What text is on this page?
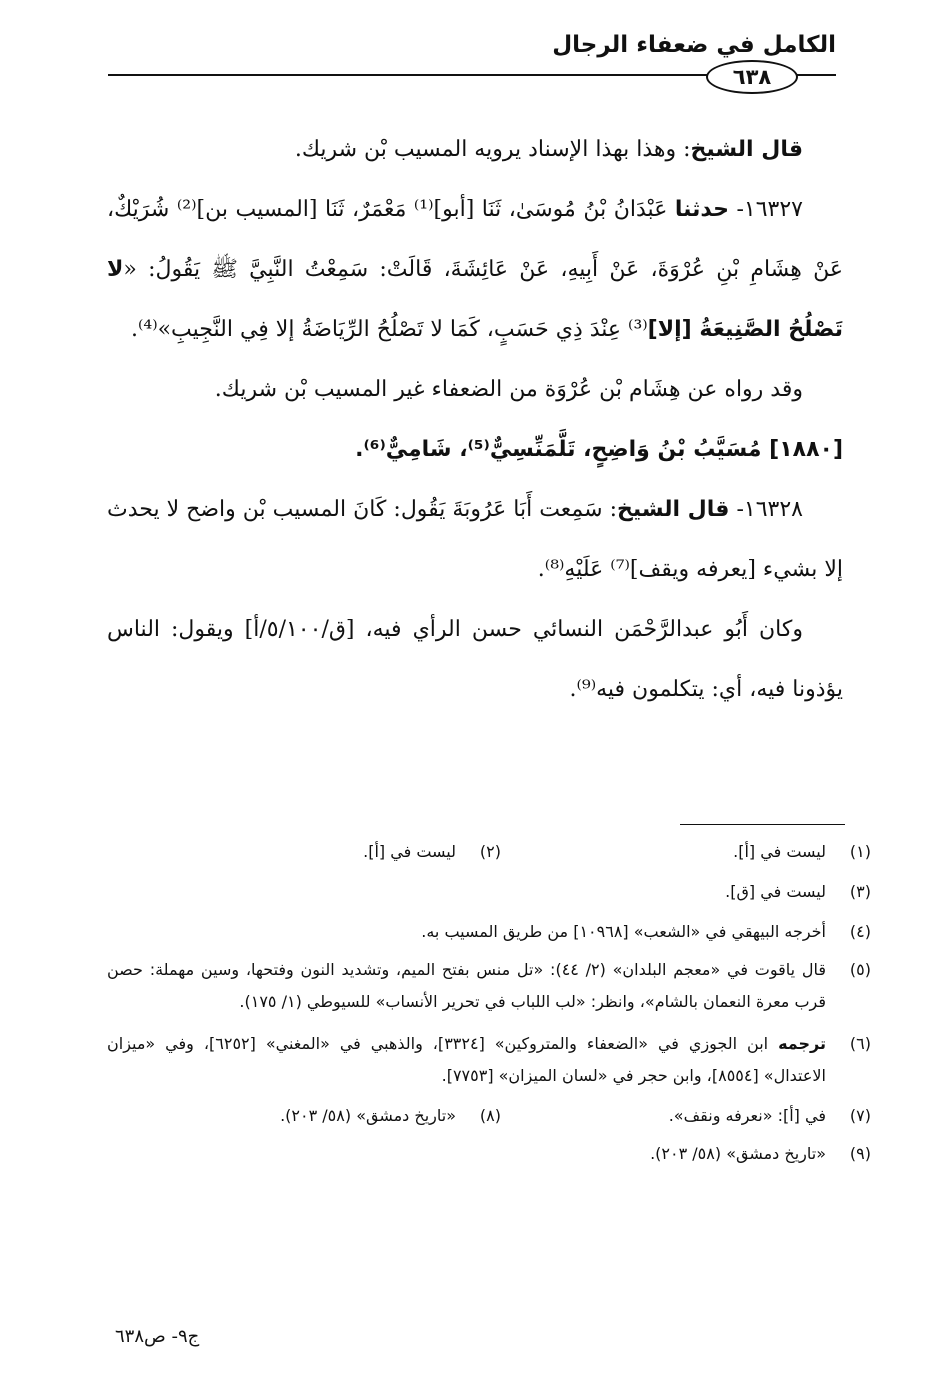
الكامل في ضعفاء الرجال
٦٣٨

قال الشيخ: وهذا بهذا الإسناد يرويه المسيب بْن شريك.

١٦٣٢٧- حدثنا عَبْدَانُ بْنُ مُوسَىٰ، ثَنَا [أبو]⁽¹⁾ مَعْمَرٌ، ثَنَا [المسيب بن]⁽²⁾ شُرَيْكٌ، عَنْ هِشَامِ بْنِ عُرْوَةَ، عَنْ أَبِيهِ، عَنْ عَائِشَةَ، قَالَتْ: سَمِعْتُ النَّبِيَّ ﷺ يَقُولُ: «لا تَصْلُحُ الصَّنِيعَةُ [إلا]⁽³⁾ عِنْدَ ذِي حَسَبٍ، كَمَا لا تَصْلُحُ الرِّيَاضَةُ إلا فِي النَّجِيبِ»⁽⁴⁾.

وقد رواه عن هِشَام بْن عُرْوَة من الضعفاء غير المسيب بْن شريك.

[١٨٨٠] مُسَيَّبُ بْنُ وَاضِحٍ، تَلَّمَنِّسِيٌّ⁽⁵⁾، شَامِيٌّ⁽⁶⁾.

١٦٣٢٨- قال الشيخ: سَمِعت أَبَا عَرُوبَةَ يَقُول: كَانَ المسيب بْن واضح لا يحدث إلا بشيء [يعرفه ويقف]⁽⁷⁾ عَلَيْهِ⁽⁸⁾.

وكان أَبُو عبدالرَّحْمَن النسائي حسن الرأي فيه، [ق/٥/١٠٠/أ] ويقول: الناس يؤذونا فيه، أي: يتكلمون فيه⁽⁹⁾.

(١)
ليست في [أ].
(٢)
ليست في [أ].

(٣)
ليست في [ق].

(٤)
أخرجه البيهقي في «الشعب» [١٠٩٦٨] من طريق المسيب به.

(٥)
قال ياقوت في «معجم البلدان» (٢/ ٤٤): «تل منس بفتح الميم، وتشديد النون وفتحها، وسين مهملة: حصن قرب معرة النعمان بالشام»، وانظر: «لب اللباب في تحرير الأنساب» للسيوطي (١/ ١٧٥).

(٦)
ترجمه ابن الجوزي في «الضعفاء والمتروكين» [٣٣٢٤]، والذهبي في «المغني» [٦٢٥٢]، وفي «ميزان الاعتدال» [٨٥٥٤]، وابن حجر في «لسان الميزان» [٧٧٥٣].

(٧)
في [أ]: «نعرفه ونقف».
(٨)
«تاريخ دمشق» (٥٨/ ٢٠٣).

(٩)
«تاريخ دمشق» (٥٨/ ٢٠٣).

ج٩- ص٦٣٨
